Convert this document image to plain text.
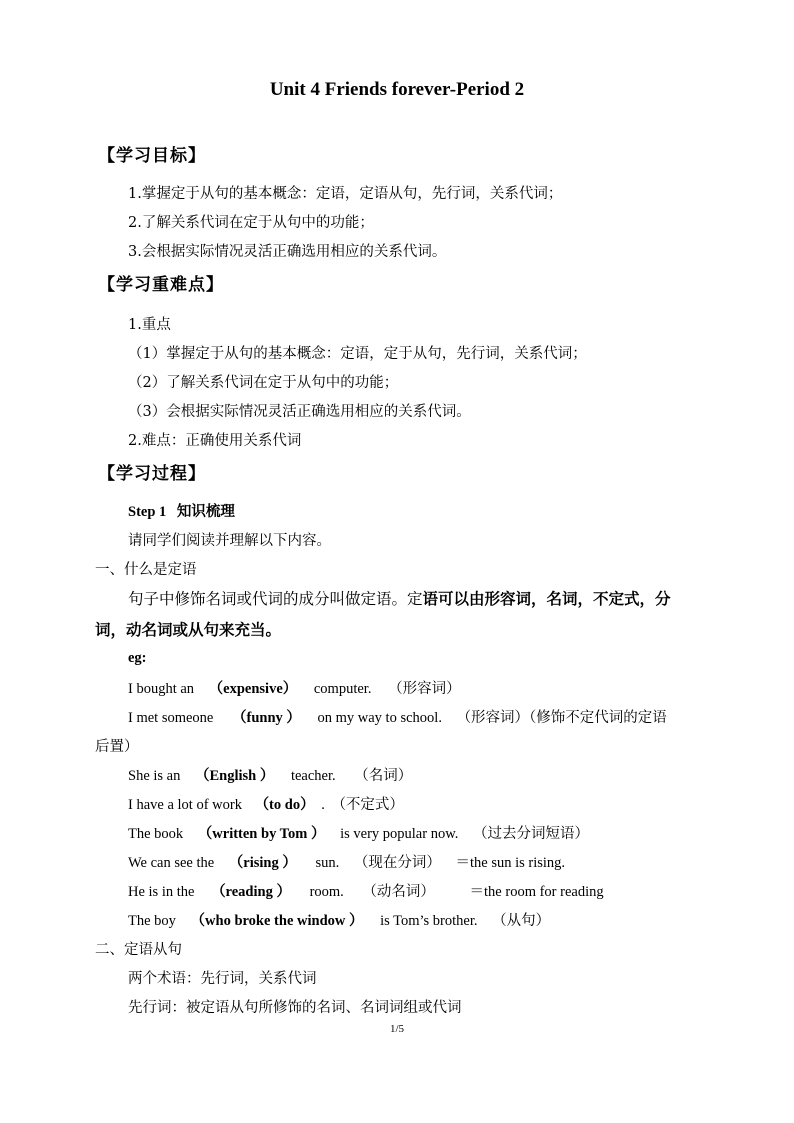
Unit 4 Friends forever-Period 2
【学习目标】
1.掌握定于从句的基本概念：定语，定语从句，先行词，关系代词；
2.了解关系代词在定于从句中的功能；
3.会根据实际情况灵活正确选用相应的关系代词。
【学习重难点】
1.重点
（1）掌握定于从句的基本概念：定语，定于从句，先行词，关系代词；
（2）了解关系代词在定于从句中的功能；
（3）会根据实际情况灵活正确选用相应的关系代词。
2.难点：正确使用关系代词
【学习过程】
Step 1 知识梳理
请同学们阅读并理解以下内容。
一、什么是定语
句子中修饰名词或代词的成分叫做定语。定语可以由形容词，名词，不定式，分
词，动名词或从句来充当。
eg:
I bought an （expensive） computer. （形容词）
I met someone （funny ） on my way to school. （形容词）（修饰不定代词的定语
后置）
She is an （English ） teacher. （名词）
I have a lot of work （to do） . （不定式）
The book （written by Tom ） is very popular now. （过去分词短语）
We can see the （rising ） sun. （现在分词） ＝the sun is rising.
He is in the （reading ） room. （动名词） ＝the room for reading
The boy （who broke the window ） is Tom’s brother. （从句）
二、定语从句
两个术语：先行词，关系代词
先行词：被定语从句所修饰的名词、名词词组或代词
1/5
